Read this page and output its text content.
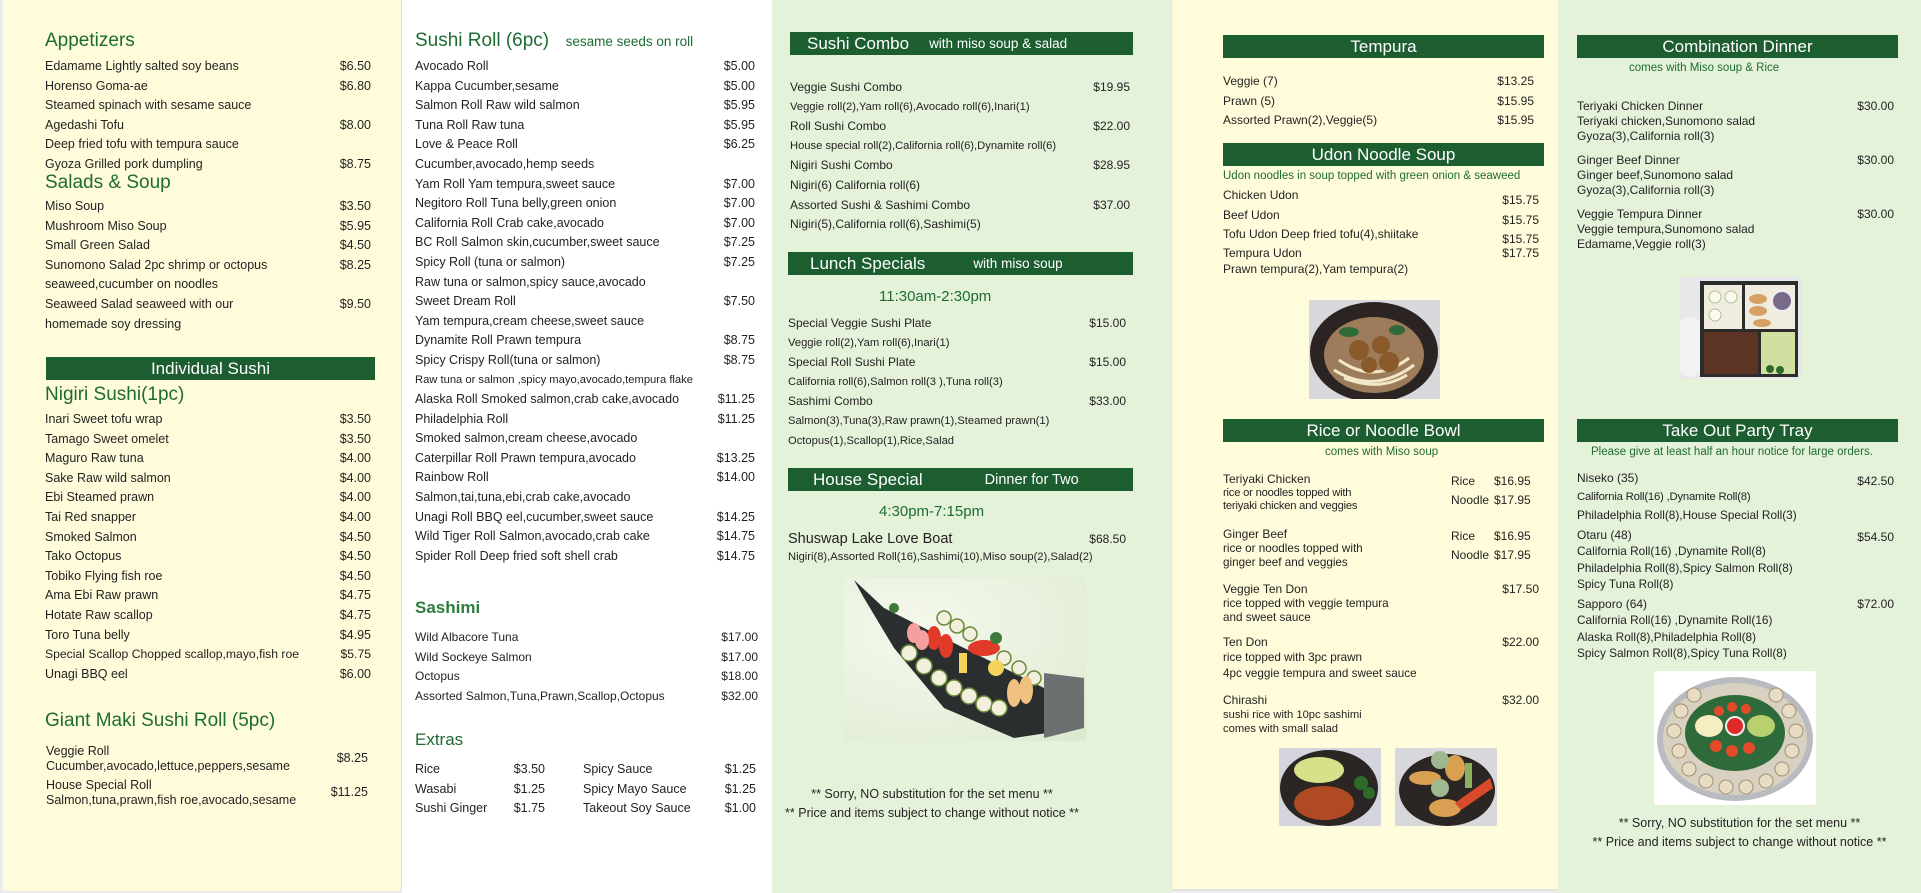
Appetizers
Edamame Lightly salted soy beans	$6.50
Horenso Goma-ae	$6.80
Steamed spinach with sesame sauce
Agedashi Tofu	$8.00
Deep fried tofu with tempura sauce
Gyoza Grilled pork dumpling	$8.75
Salads & Soup
Miso Soup	$3.50
Mushroom Miso Soup	$5.95
Small Green Salad	$4.50
Sunomono Salad 2pc shrimp or octopus	$8.25
seaweed,cucumber on noodles
Seaweed Salad seaweed with our	$9.50
homemade soy dressing
Individual Sushi
Nigiri Sushi(1pc)
Inari Sweet tofu wrap	$3.50
Tamago Sweet omelet	$3.50
Maguro Raw tuna	$4.00
Sake Raw wild salmon	$4.00
Ebi Steamed prawn	$4.00
Tai Red snapper	$4.00
Smoked Salmon	$4.50
Tako Octopus	$4.50
Tobiko Flying fish roe	$4.50
Ama Ebi Raw prawn	$4.75
Hotate Raw scallop	$4.75
Toro Tuna belly	$4.95
Special Scallop Chopped scallop,mayo,fish roe	$5.75
Unagi BBQ eel	$6.00
Giant Maki Sushi Roll (5pc)
Veggie Roll	$8.25
Cucumber,avocado,lettuce,peppers,sesame
House Special Roll	$11.25
Salmon,tuna,prawn,fish roe,avocado,sesame
Sushi Roll (6pc) sesame seeds on roll
Avocado Roll	$5.00
Kappa Cucumber,sesame	$5.00
Salmon Roll Raw wild salmon	$5.95
Tuna Roll Raw tuna	$5.95
Love & Peace Roll	$6.25
Cucumber,avocado,hemp seeds
Yam Roll Yam tempura,sweet sauce	$7.00
Negitoro Roll Tuna belly,green onion	$7.00
California Roll Crab cake,avocado	$7.00
BC Roll Salmon skin,cucumber,sweet sauce	$7.25
Spicy Roll (tuna or salmon)	$7.25
Raw tuna or salmon,spicy sauce,avocado
Sweet Dream Roll	$7.50
Yam tempura,cream cheese,sweet sauce
Dynamite Roll Prawn tempura	$8.75
Spicy Crispy Roll(tuna or salmon)	$8.75
Raw tuna or salmon ,spicy mayo,avocado,tempura flake
Alaska Roll Smoked salmon,crab cake,avocado	$11.25
Philadelphia Roll	$11.25
Smoked salmon,cream cheese,avocado
Caterpillar Roll Prawn tempura,avocado	$13.25
Rainbow Roll	$14.00
Salmon,tai,tuna,ebi,crab cake,avocado
Unagi Roll BBQ eel,cucumber,sweet sauce	$14.25
Wild Tiger Roll Salmon,avocado,crab cake	$14.75
Spider Roll Deep fried soft shell crab	$14.75
Sashimi
Wild Albacore Tuna	$17.00
Wild Sockeye Salmon	$17.00
Octopus	$18.00
Assorted Salmon,Tuna,Prawn,Scallop,Octopus	$32.00
Extras
Rice	$3.50
Wasabi	$1.25
Sushi Ginger $1.75
Spicy Sauce	$1.25
Spicy Mayo Sauce	$1.25
Takeout Soy Sauce	$1.00
Sushi Combo with miso soup & salad
Veggie Sushi Combo	$19.95
Veggie roll(2),Yam roll(6),Avocado roll(6),Inari(1)
Roll Sushi Combo	$22.00
House special roll(2),California roll(6),Dynamite roll(6)
Nigiri Sushi Combo	$28.95
Nigiri(6) California roll(6)
Assorted Sushi & Sashimi Combo	$37.00
Nigiri(5),California roll(6),Sashimi(5)
Lunch Specials	with miso soup
11:30am-2:30pm
Special Veggie Sushi Plate	$15.00
Veggie roll(2),Yam roll(6),Inari(1)
Special Roll Sushi Plate	$15.00
California roll(6),Salmon roll(3 ),Tuna roll(3)
Sashimi Combo	$33.00
Salmon(3),Tuna(3),Raw prawn(1),Steamed prawn(1)
Octopus(1),Scallop(1),Rice,Salad
House Special	Dinner for Two
4:30pm-7:15pm
Shuswap Lake Love Boat	$68.50
Nigiri(8),Assorted Roll(16),Sashimi(10),Miso soup(2),Salad(2)
** Sorry, NO substitution for the set menu **
** Price and items subject to change without notice **
Tempura
Veggie (7)	$13.25
Prawn (5)	$15.95
Assorted Prawn(2),Veggie(5)	$15.95
Udon Noodle Soup
Udon noodles in soup topped with green onion & seaweed
Chicken Udon	$15.75
Beef Udon	$15.75
Tofu Udon Deep fried tofu(4),shiitake	$15.75
Tempura Udon	$17.75
Prawn tempura(2),Yam tempura(2)
Rice or Noodle Bowl
comes with Miso soup
Teriyaki Chicken
rice or noodles topped with
teriyaki chicken and veggies
Rice $16.95
Noodle $17.95
Ginger Beef
rice or noodles topped with
ginger beef and veggies
Rice $16.95
Noodle $17.95
Veggie Ten Don	$17.50
rice topped with veggie tempura
and sweet sauce
Ten Don	$22.00
rice topped with 3pc prawn
4pc veggie tempura and sweet sauce
Chirashi	$32.00
sushi rice with 10pc sashimi
comes with small salad
Combination Dinner
comes with Miso soup & Rice
Teriyaki Chicken Dinner	$30.00
Teriyaki chicken,Sunomono salad
Gyoza(3),California roll(3)
Ginger Beef Dinner	$30.00
Ginger beef,Sunomono salad
Gyoza(3),California roll(3)
Veggie Tempura Dinner	$30.00
Veggie tempura,Sunomono salad
Edamame,Veggie roll(3)
Take Out Party Tray
Please give at least half an hour notice for large orders.
Niseko (35)	$42.50
California Roll(16) ,Dynamite Roll(8)
Philadelphia Roll(8),House Special Roll(3)
Otaru (48)	$54.50
California Roll(16) ,Dynamite Roll(8)
Philadelphia Roll(8),Spicy Salmon Roll(8)
Spicy Tuna Roll(8)
Sapporo (64)	$72.00
California Roll(16) ,Dynamite Roll(16)
Alaska Roll(8),Philadelphia Roll(8)
Spicy Salmon Roll(8),Spicy Tuna Roll(8)
** Sorry, NO substitution for the set menu **
** Price and items subject to change without notice **
